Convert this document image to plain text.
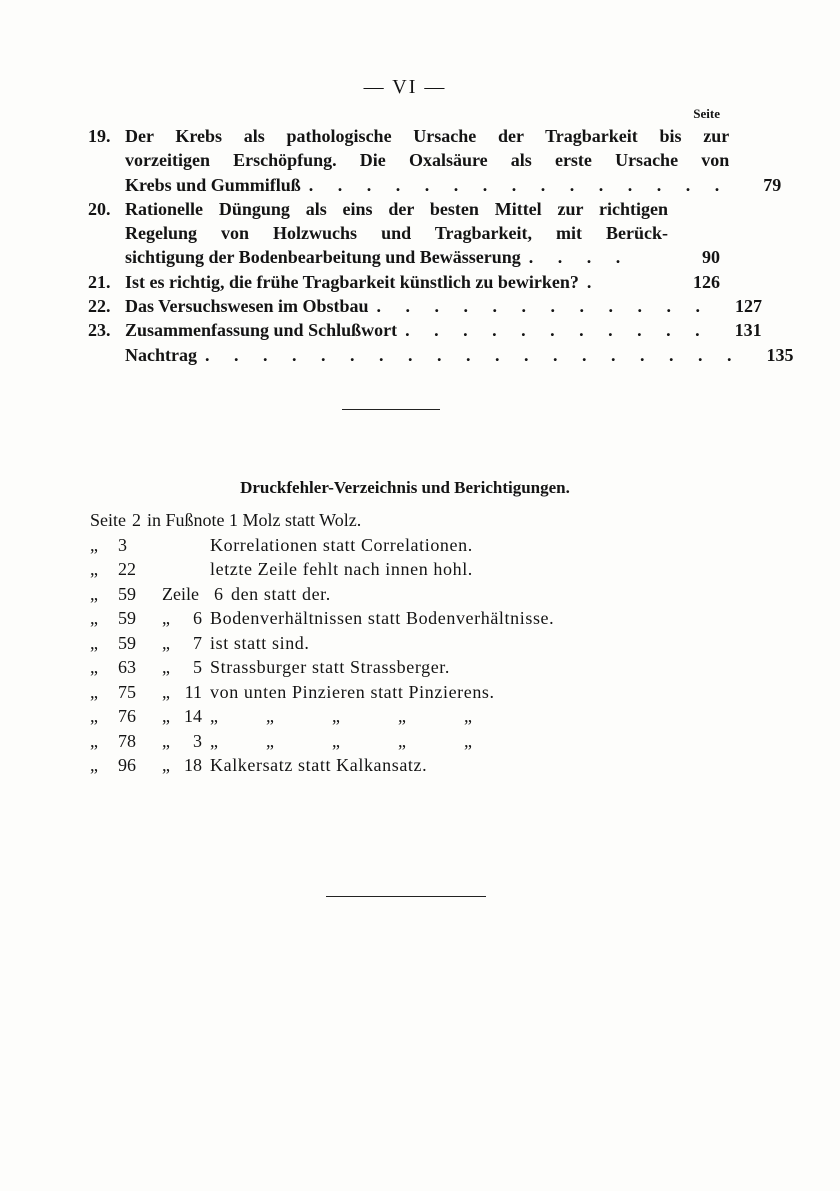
— VI —
Seite
19. Der Krebs als pathologische Ursache der Tragbarkeit bis zur
vorzeitigen Erschöpfung. Die Oxalsäure als erste Ursache von
Krebs und Gummifluß . . . . . . . . . . . . . . .	79
20. Rationelle Düngung als eins der besten Mittel zur richtigen
Regelung von Holzwuchs und Tragbarkeit, mit Berück-
sichtigung der Bodenbearbeitung und Bewässerung . . . .	90
21. Ist es richtig, die frühe Tragbarkeit künstlich zu bewirken? .	126
22. Das Versuchswesen im Obstbau . . . . . . . . . . . .	127
23. Zusammenfassung und Schlußwort . . . . . . . . . . .	131
Nachtrag . . . . . . . . . . . . . . . . . . .	135
Druckfehler-Verzeichnis und Berichtigungen.
Seite 2 in Fußnote 1 Molz statt Wolz.
„	3	Korrelationen statt Correlationen.
„	22	letzte Zeile fehlt nach innen hohl.
„	59	Zeile 6 den statt der.
„	59	„	6 Bodenverhältnissen statt Bodenverhältnisse.
„	59	„	7 ist statt sind.
„	63	„	5 Strassburger statt Strassberger.
„	75	„ 11 von unten Pinzieren statt Pinzierens.
„	76	„ 14 „	„	„	„	„
„	78	„	3 „	„	„	„	„
„	96	„ 18 Kalkersatz statt Kalkansatz.
